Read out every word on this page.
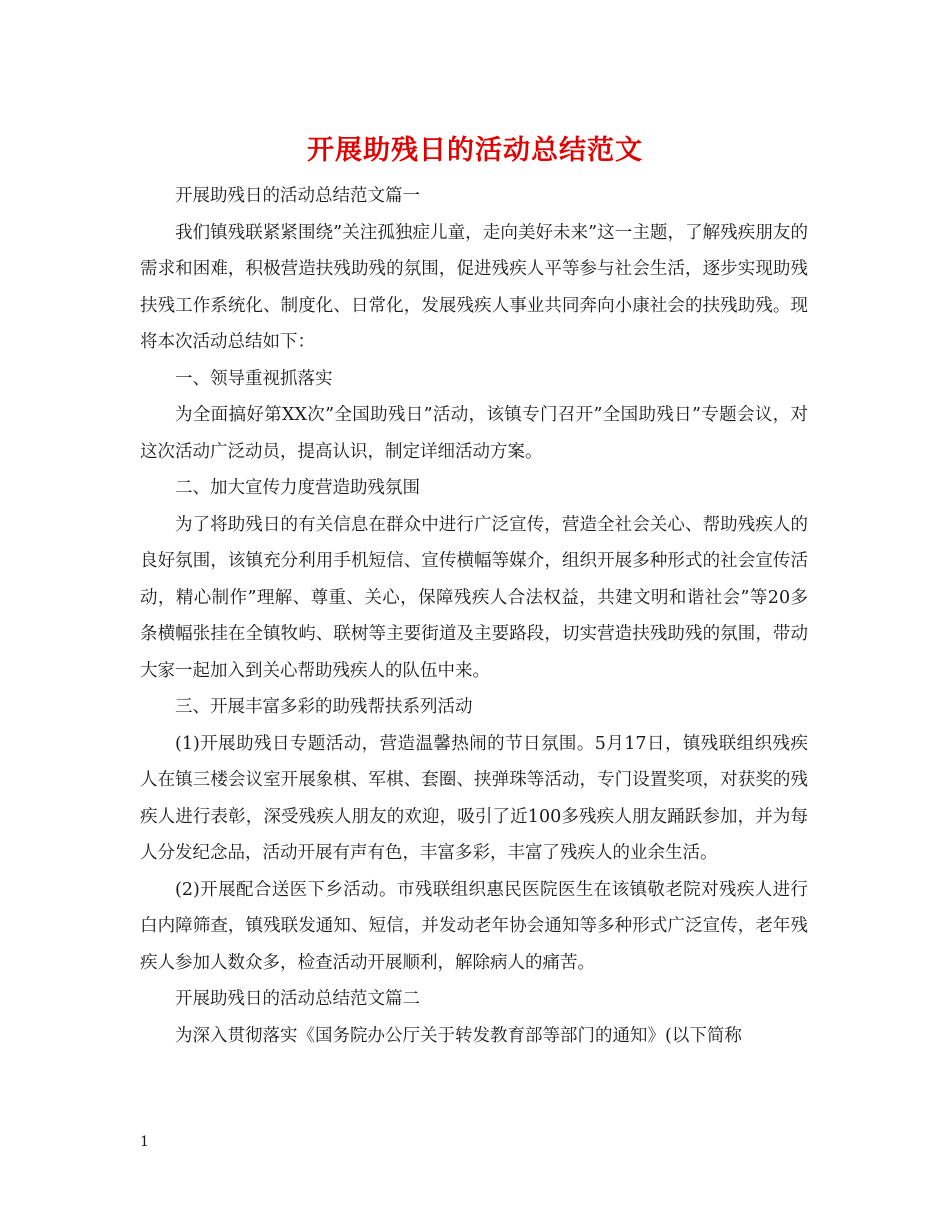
开展助残日的活动总结范文

开展助残日的活动总结范文篇一

我们镇残联紧紧围绕”关注孤独症儿童，走向美好未来”这一主题，了解残疾朋友的需求和困难，积极营造扶残助残的氛围，促进残疾人平等参与社会生活，逐步实现助残扶残工作系统化、制度化、日常化，发展残疾人事业共同奔向小康社会的扶残助残。现将本次活动总结如下：

一、领导重视抓落实

为全面搞好第XX次”全国助残日”活动，该镇专门召开”全国助残日”专题会议，对这次活动广泛动员，提高认识，制定详细活动方案。

二、加大宣传力度营造助残氛围

为了将助残日的有关信息在群众中进行广泛宣传，营造全社会关心、帮助残疾人的良好氛围，该镇充分利用手机短信、宣传横幅等媒介，组织开展多种形式的社会宣传活动，精心制作”理解、尊重、关心，保障残疾人合法权益，共建文明和谐社会”等20多条横幅张挂在全镇牧屿、联树等主要街道及主要路段，切实营造扶残助残的氛围，带动大家一起加入到关心帮助残疾人的队伍中来。

三、开展丰富多彩的助残帮扶系列活动

(1)开展助残日专题活动，营造温馨热闹的节日氛围。5月17日，镇残联组织残疾人在镇三楼会议室开展象棋、军棋、套圈、挟弹珠等活动，专门设置奖项，对获奖的残疾人进行表彰，深受残疾人朋友的欢迎，吸引了近100多残疾人朋友踊跃参加，并为每人分发纪念品，活动开展有声有色，丰富多彩，丰富了残疾人的业余生活。

(2)开展配合送医下乡活动。市残联组织惠民医院医生在该镇敬老院对残疾人进行白内障筛查，镇残联发通知、短信，并发动老年协会通知等多种形式广泛宣传，老年残疾人参加人数众多，检查活动开展顺利，解除病人的痛苦。

开展助残日的活动总结范文篇二

为深入贯彻落实《国务院办公厅关于转发教育部等部门的通知》(以下简称

1
